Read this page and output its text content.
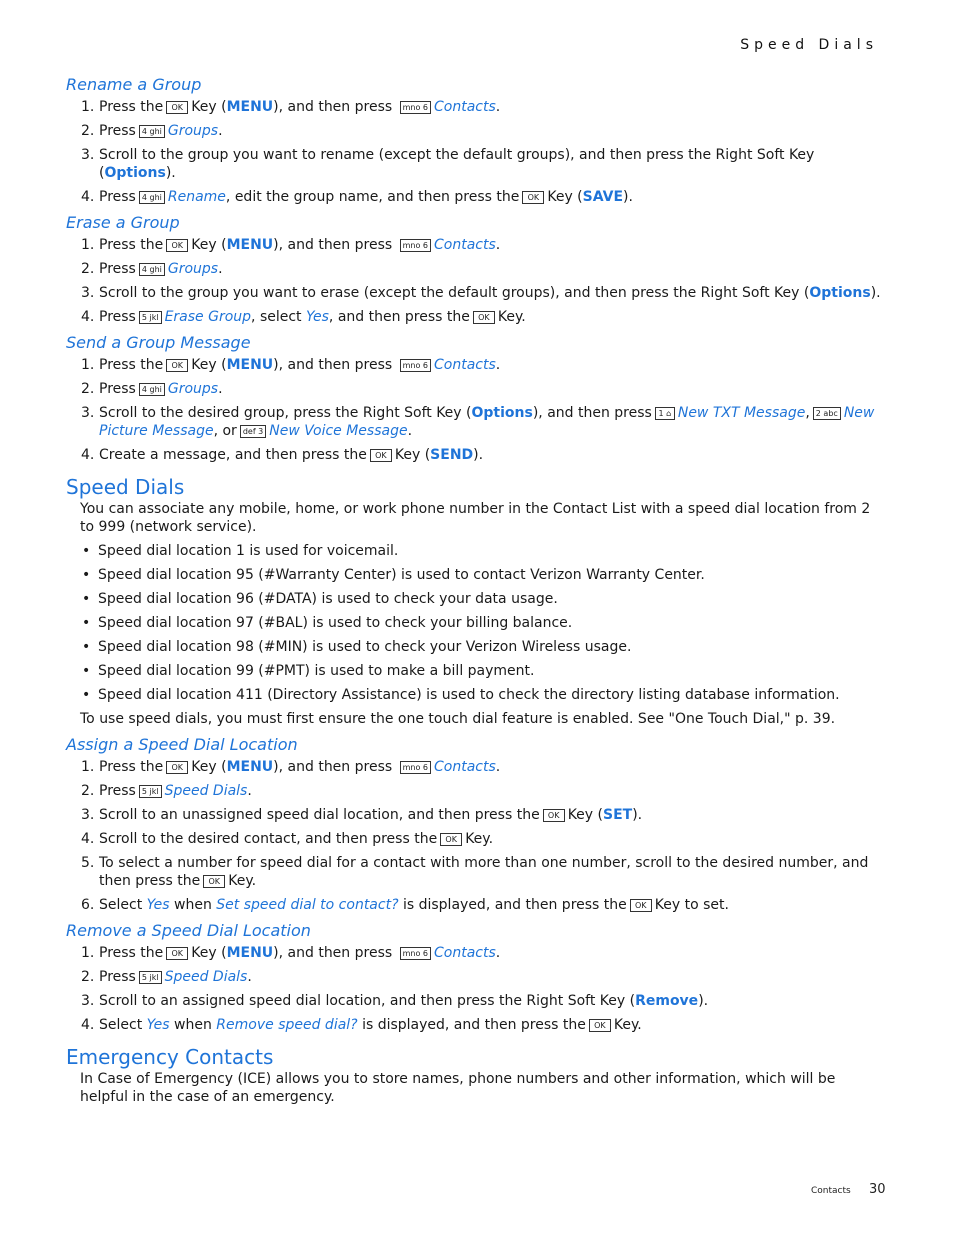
Speed Dials
Rename a Group
1. Press the OK Key (MENU), and then press mno 6 Contacts.
2. Press 4 ghi Groups.
3. Scroll to the group you want to rename (except the default groups), and then press the Right Soft Key (Options).
4. Press 4 ghi Rename, edit the group name, and then press the OK Key (SAVE).
Erase a Group
1. Press the OK Key (MENU), and then press mno 6 Contacts.
2. Press 4 ghi Groups.
3. Scroll to the group you want to erase (except the default groups), and then press the Right Soft Key (Options).
4. Press 5 jkl Erase Group, select Yes, and then press the OK Key.
Send a Group Message
1. Press the OK Key (MENU), and then press mno 6 Contacts.
2. Press 4 ghi Groups.
3. Scroll to the desired group, press the Right Soft Key (Options), and then press 1 ⌂ New TXT Message, 2 abc New Picture Message, or def 3 New Voice Message.
4. Create a message, and then press the OK Key (SEND).
Speed Dials

You can associate any mobile, home, or work phone number in the Contact List with a speed dial location from 2 to 999 (network service).

• Speed dial location 1 is used for voicemail.
• Speed dial location 95 (#Warranty Center) is used to contact Verizon Warranty Center.
• Speed dial location 96 (#DATA) is used to check your data usage.
• Speed dial location 97 (#BAL) is used to check your billing balance.
• Speed dial location 98 (#MIN) is used to check your Verizon Wireless usage.
• Speed dial location 99 (#PMT) is used to make a bill payment.
• Speed dial location 411 (Directory Assistance) is used to check the directory listing database information.

To use speed dials, you must first ensure the one touch dial feature is enabled. See "One Touch Dial," p. 39.

Assign a Speed Dial Location
1. Press the OK Key (MENU), and then press mno 6 Contacts.
2. Press 5 jkl Speed Dials.
3. Scroll to an unassigned speed dial location, and then press the OK Key (SET).
4. Scroll to the desired contact, and then press the OK Key.
5. To select a number for speed dial for a contact with more than one number, scroll to the desired number, and then press the OK Key.
6. Select Yes when Set speed dial to contact? is displayed, and then press the OK Key to set.
Remove a Speed Dial Location
1. Press the OK Key (MENU), and then press mno 6 Contacts.
2. Press 5 jkl Speed Dials.
3. Scroll to an assigned speed dial location, and then press the Right Soft Key (Remove).
4. Select Yes when Remove speed dial? is displayed, and then press the OK Key.
Emergency Contacts

In Case of Emergency (ICE) allows you to store names, phone numbers and other information, which will be helpful in the case of an emergency.

Contacts 30
